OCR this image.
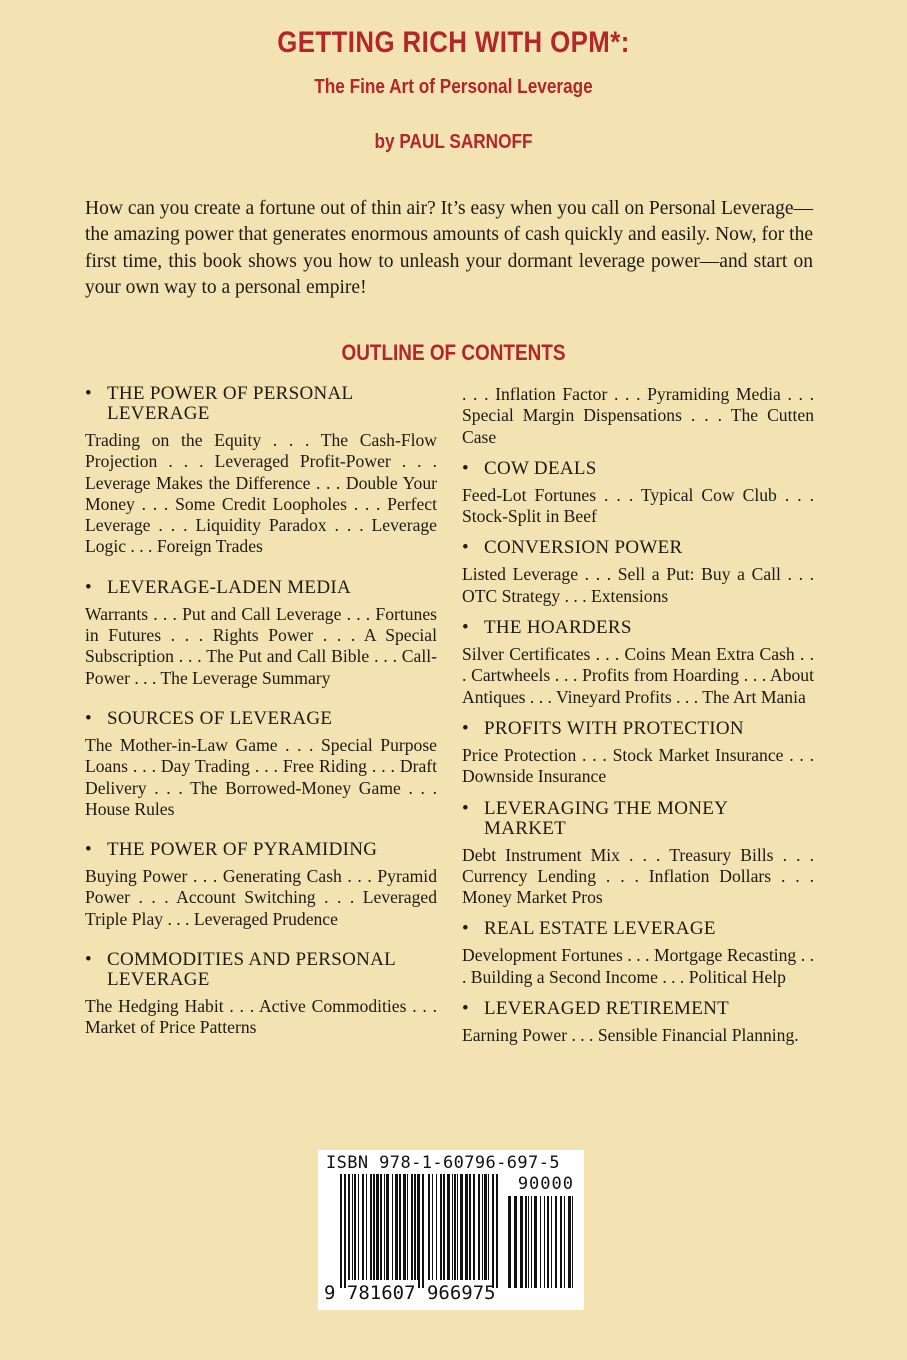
GETTING RICH WITH OPM*:
The Fine Art of Personal Leverage
by PAUL SARNOFF

How can you create a fortune out of thin air? It’s easy when you call on Personal Leverage—the amazing power that generates enormous amounts of cash quickly and easily. Now, for the first time, this book shows you how to unleash your dormant leverage power—and start on your own way to a personal empire!

OUTLINE OF CONTENTS
• THE POWER OF PERSONAL LEVERAGE
Trading on the Equity . . . The Cash-Flow Projection . . . Leveraged Profit-Power . . . Leverage Makes the Difference . . . Double Your Money . . . Some Credit Loopholes . . . Perfect Leverage . . . Liquidity Paradox . . . Leverage Logic . . . Foreign Trades
• LEVERAGE-LADEN MEDIA
Warrants . . . Put and Call Leverage . . . Fortunes in Futures . . . Rights Power . . . A Special Subscription . . . The Put and Call Bible . . . Call-Power . . . The Leverage Summary
• SOURCES OF LEVERAGE
The Mother-in-Law Game . . . Special Purpose Loans . . . Day Trading . . . Free Riding . . . Draft Delivery . . . The Borrowed-Money Game . . . House Rules
• THE POWER OF PYRAMIDING
Buying Power . . . Generating Cash . . . Pyramid Power . . . Account Switching . . . Leveraged Triple Play . . . Leveraged Prudence
• COMMODITIES AND PERSONAL LEVERAGE
The Hedging Habit . . . Active Commodities . . . Market of Price Patterns
. . . Inflation Factor . . . Pyramiding Media . . . Special Margin Dispensations . . . The Cutten Case
• COW DEALS
Feed-Lot Fortunes . . . Typical Cow Club . . . Stock-Split in Beef
• CONVERSION POWER
Listed Leverage . . . Sell a Put: Buy a Call . . . OTC Strategy . . . Extensions
• THE HOARDERS
Silver Certificates . . . Coins Mean Extra Cash . . . Cartwheels . . . Profits from Hoarding . . . About Antiques . . . Vineyard Profits . . . The Art Mania
• PROFITS WITH PROTECTION
Price Protection . . . Stock Market Insurance . . . Downside Insurance
• LEVERAGING THE MONEY MARKET
Debt Instrument Mix . . . Treasury Bills . . . Currency Lending . . . Inflation Dollars . . . Money Market Pros
• REAL ESTATE LEVERAGE
Development Fortunes . . . Mortgage Recasting . . . Building a Second Income . . . Political Help
• LEVERAGED RETIREMENT
Earning Power . . . Sensible Financial Planning.
ISBN 978-1-60796-697-5
90000
9 781607 966975
